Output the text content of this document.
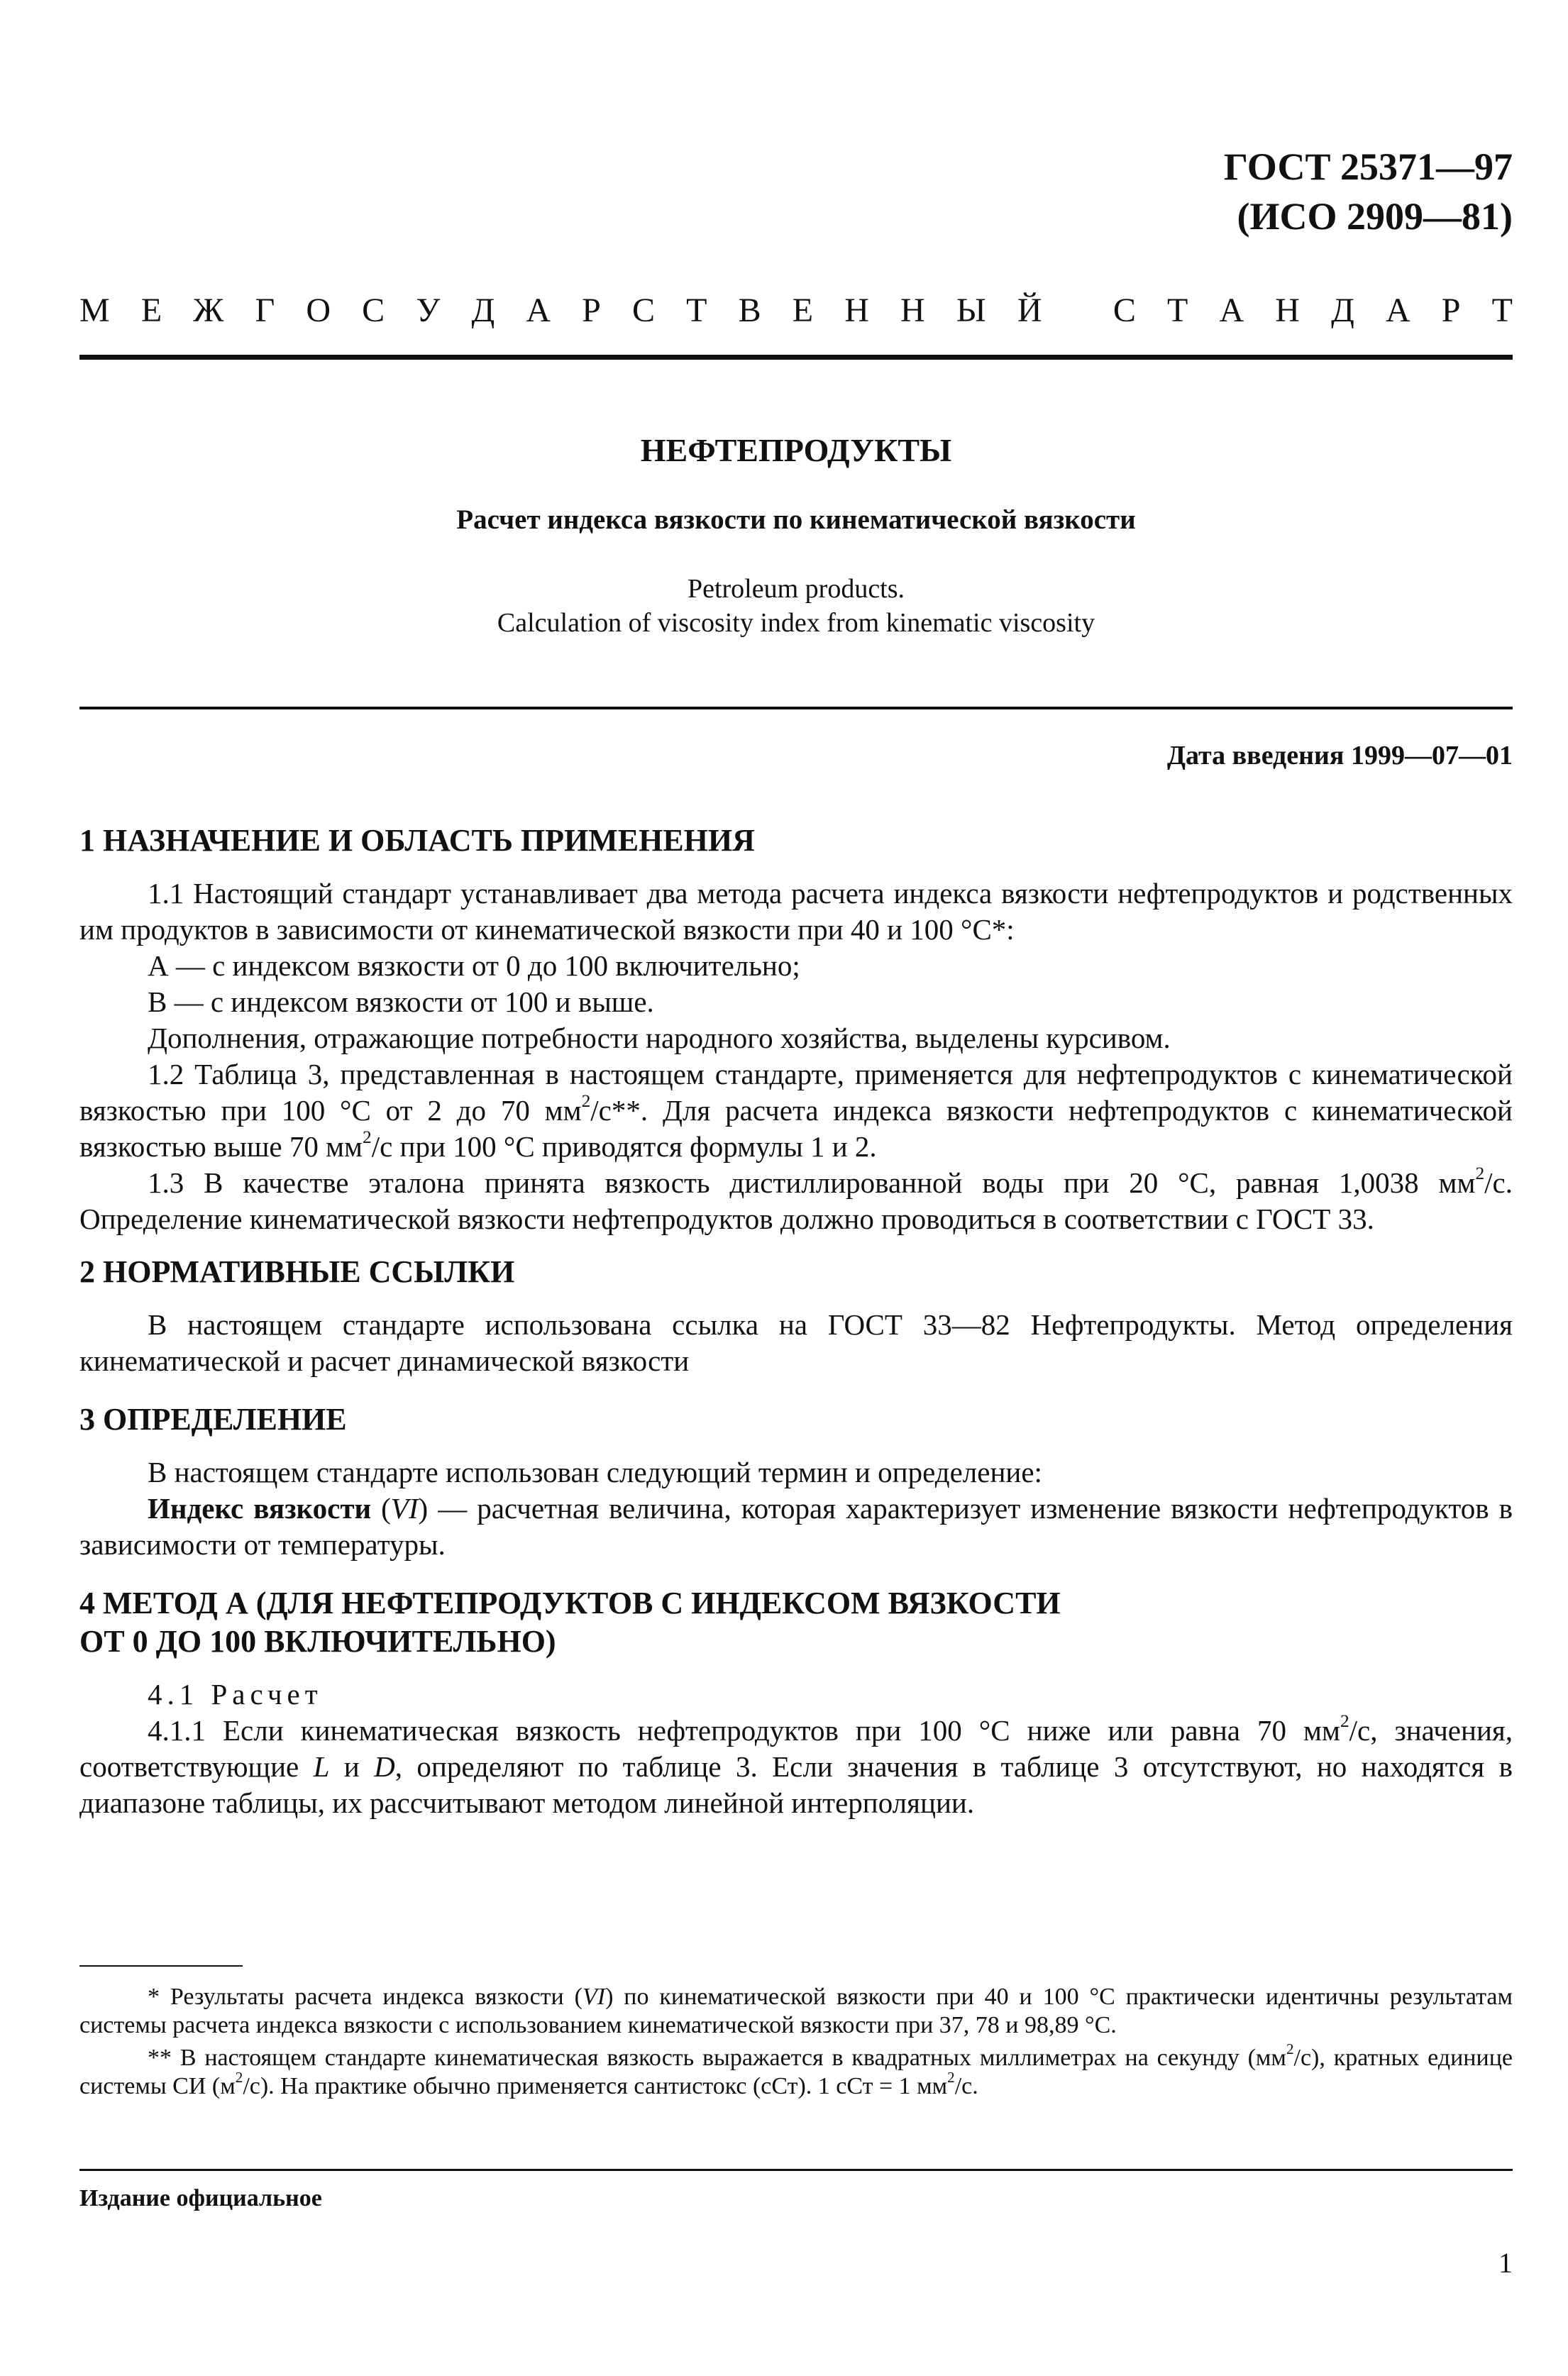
ГОСТ 25371—97
(ИСО 2909—81)
М Е Ж Г О С У Д А Р С Т В Е Н Н Ы Й
С Т А Н Д А Р Т
НЕФТЕПРОДУКТЫ
Расчет индекса вязкости по кинематической вязкости
Petroleum products.
Calculation of viscosity index from kinematic viscosity
Дата введения 1999—07—01
1 НАЗНАЧЕНИЕ И ОБЛАСТЬ ПРИМЕНЕНИЯ

1.1 Настоящий стандарт устанавливает два метода расчета индекса вязкости нефтепродуктов и родственных им продуктов в зависимости от кинематической вязкости при 40 и 100 °С*:

А — с индексом вязкости от 0 до 100 включительно;

В — с индексом вязкости от 100 и выше.

Дополнения, отражающие потребности народного хозяйства, выделены курсивом.

1.2 Таблица 3, представленная в настоящем стандарте, применяется для нефтепродуктов с кинематической вязкостью при 100 °С от 2 до 70 $мм^2/с**$. Для расчета индекса вязкости нефтепродуктов с кинематической вязкостью выше 70 $мм^2/с$ при 100 °С приводятся формулы 1 и 2.

1.3 В качестве эталона принята вязкость дистиллированной воды при 20 °С, равная 1,0038 $мм^2/с$. Определение кинематической вязкости нефтепродуктов должно проводиться в соответствии с ГОСТ 33.

2 НОРМАТИВНЫЕ ССЫЛКИ

В настоящем стандарте использована ссылка на ГОСТ 33—82 Нефтепродукты. Метод определения кинематической и расчет динамической вязкости

3 ОПРЕДЕЛЕНИЕ

В настоящем стандарте использован следующий термин и определение:

Индекс вязкости (VI) — расчетная величина, которая характеризует изменение вязкости нефтепродуктов в зависимости от температуры.

4 МЕТОД А (ДЛЯ НЕФТЕПРОДУКТОВ С ИНДЕКСОМ ВЯЗКОСТИ
ОТ 0 ДО 100 ВКЛЮЧИТЕЛЬНО)

4.1 Расчет

4.1.1 Если кинематическая вязкость нефтепродуктов при 100 °С ниже или равна 70 $мм^2/с$, значения, соответствующие L и D, определяют по таблице 3. Если значения в таблице 3 отсутствуют, но находятся в диапазоне таблицы, их рассчитывают методом линейной интерполяции.

* Результаты расчета индекса вязкости (VI) по кинематической вязкости при 40 и 100 °С практически идентичны результатам системы расчета индекса вязкости с использованием кинематической вязкости при 37, 78 и 98,89 °С.

** В настоящем стандарте кинематическая вязкость выражается в квадратных миллиметрах на секунду $(мм^2/с)$, кратных единице системы СИ $(м^2/с)$. На практике обычно применяется сантистокс (сСт). 1 сСт = 1 $мм^2/с$.

Издание официальное
1
